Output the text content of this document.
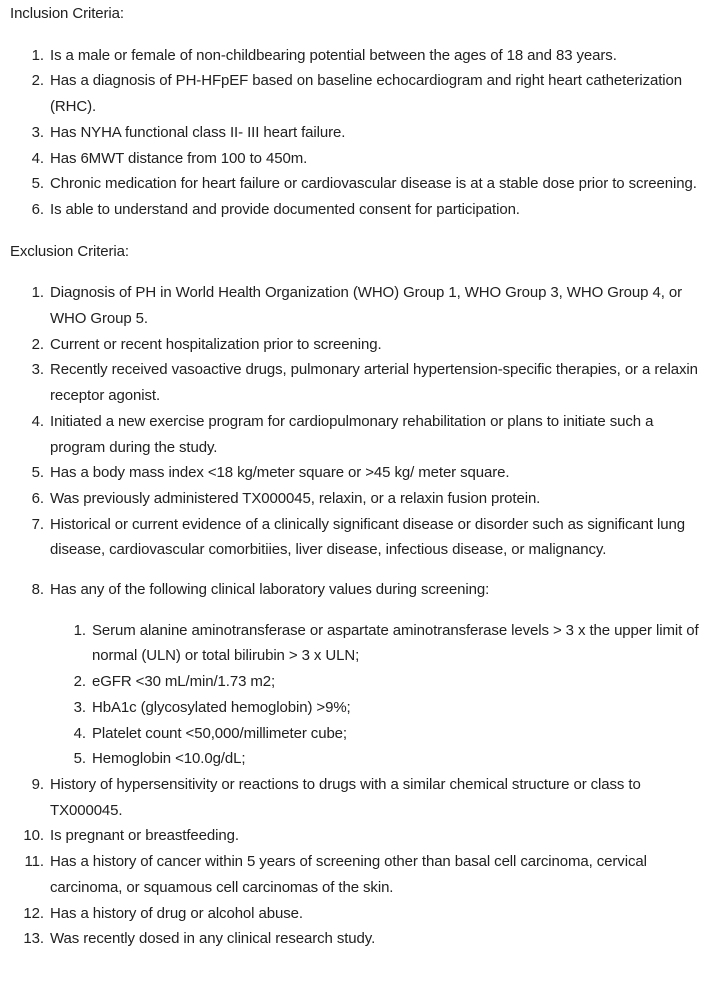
Inclusion Criteria:

1. Is a male or female of non-childbearing potential between the ages of 18 and 83 years.
2. Has a diagnosis of PH-HFpEF based on baseline echocardiogram and right heart catheterization (RHC).
3. Has NYHA functional class II- III heart failure.
4. Has 6MWT distance from 100 to 450m.
5. Chronic medication for heart failure or cardiovascular disease is at a stable dose prior to screening.
6. Is able to understand and provide documented consent for participation.

Exclusion Criteria:

1. Diagnosis of PH in World Health Organization (WHO) Group 1, WHO Group 3, WHO Group 4, or WHO Group 5.
2. Current or recent hospitalization prior to screening.
3. Recently received vasoactive drugs, pulmonary arterial hypertension-specific therapies, or a relaxin receptor agonist.
4. Initiated a new exercise program for cardiopulmonary rehabilitation or plans to initiate such a program during the study.
5. Has a body mass index <18 kg/meter square or >45 kg/ meter square.
6. Was previously administered TX000045, relaxin, or a relaxin fusion protein.
7. Historical or current evidence of a clinically significant disease or disorder such as significant lung disease, cardiovascular comorbitiies, liver disease, infectious disease, or malignancy.

8. Has any of the following clinical laboratory values during screening:

1. Serum alanine aminotransferase or aspartate aminotransferase levels > 3 x the upper limit of normal (ULN) or total bilirubin > 3 x ULN;
2. eGFR <30 mL/min/1.73 m2;
3. HbA1c (glycosylated hemoglobin) >9%;
4. Platelet count <50,000/millimeter cube;
5. Hemoglobin <10.0g/dL;
9. History of hypersensitivity or reactions to drugs with a similar chemical structure or class to TX000045.
10. Is pregnant or breastfeeding.
11. Has a history of cancer within 5 years of screening other than basal cell carcinoma, cervical carcinoma, or squamous cell carcinomas of the skin.
12. Has a history of drug or alcohol abuse.
13. Was recently dosed in any clinical research study.
